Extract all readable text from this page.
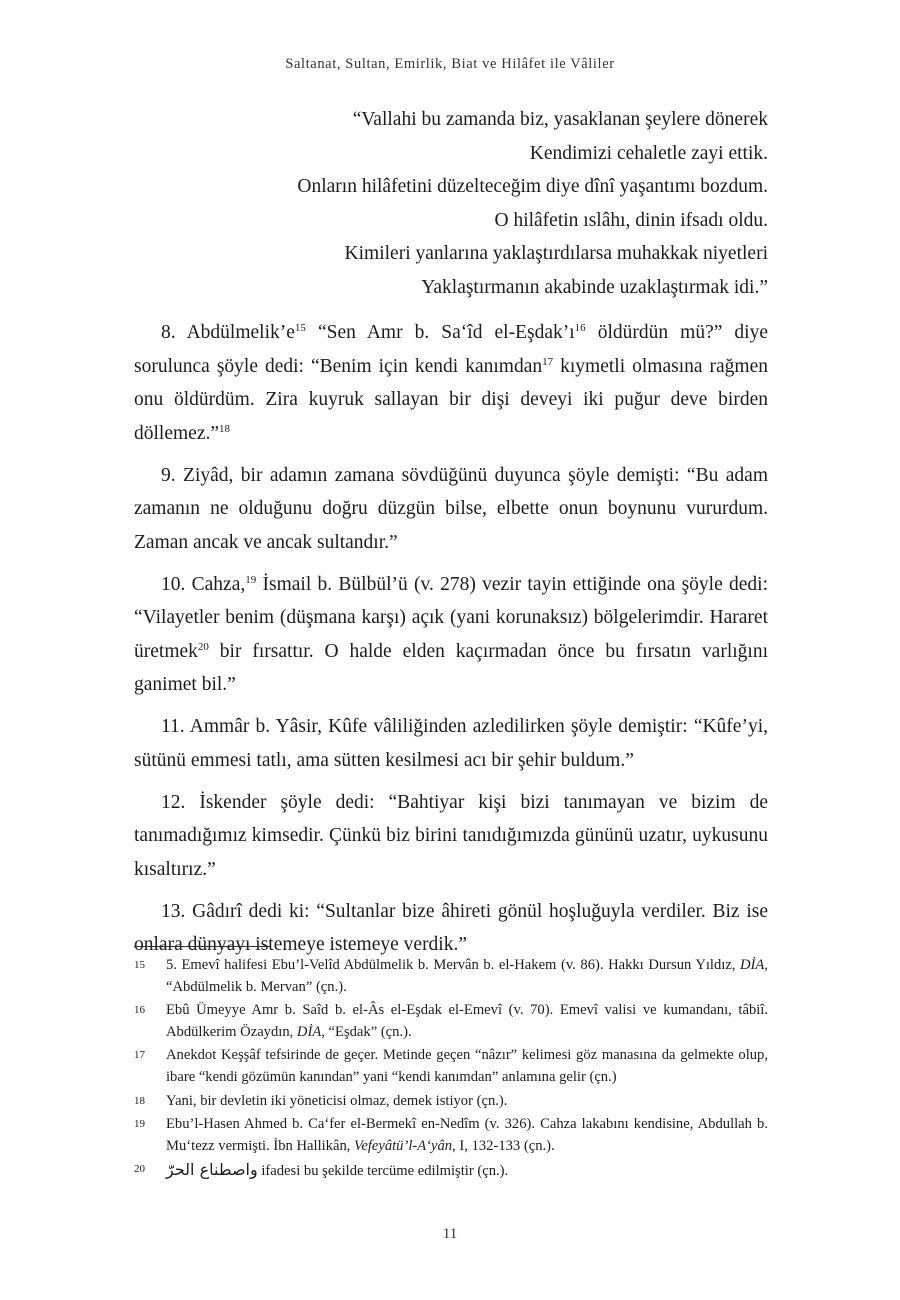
Saltanat, Sultan, Emirlik, Biat ve Hilâfet ile Vâliler
“Vallahi bu zamanda biz, yasaklanan şeylere dönerek
Kendimizi cehaletle zayi ettik.
Onların hilâfetini düzelteceğim diye dînî yaşantımı bozdum.
O hilâfetin ıslâhı, dinin ifsadı oldu.
Kimileri yanlarına yaklaştırdılarsa muhakkak niyetleri
Yaklaştırmanın akabinde uzaklaştırmak idi.”

8. $Abdülmelik’e^{15}$ “Sen Amr b. Sa‘îd $el-Eşdak’ı^{16}$ öldürdün mü?” diye sorulunca şöyle dedi: “Benim için kendi kanımdan$^{17}$ kıymetli olmasına rağmen onu öldürdüm. Zira kuyruk sallayan bir dişi deveyi iki puğur deve birden döllemez.”$^{18}$

9. Ziyâd, bir adamın zamana sövdüğünü duyunca şöyle demişti: “Bu adam zamanın ne olduğunu doğru düzgün bilse, elbette onun boynunu vururdum. Zaman ancak ve ancak sultandır.”

10. Cahza,$^{19}$ İsmail b. Bülbül’ü (v. 278) vezir tayin ettiğinde ona şöyle dedi: “Vilayetler benim (düşmana karşı) açık (yani korunaksız) bölgelerimdir. Hararet üretmek$^{20}$ bir fırsattır. O halde elden kaçırmadan önce bu fırsatın varlığını ganimet bil.”

11. Ammâr b. Yâsir, Kûfe vâliliğinden azledilirken şöyle demiştir: “Kûfe’yi, sütünü emmesi tatlı, ama sütten kesilmesi acı bir şehir buldum.”

12. İskender şöyle dedi: “Bahtiyar kişi bizi tanımayan ve bizim de tanımadığımız kimsedir. Çünkü biz birini tanıdığımızda gününü uzatır, uykusunu kısaltırız.”

13. Gâdırî dedi ki: “Sultanlar bize âhireti gönül hoşluğuyla verdiler. Biz ise onlara dünyayı istemeye istemeye verdik.”

15	5. Emevî halifesi Ebu’l-Velîd Abdülmelik b. Mervân b. el-Hakem (v. 86). Hakkı Dursun Yıldız, DİA, “Abdülmelik b. Mervan” (çn.).
16	Ebû Ümeyye Amr b. Saîd b. el-Âs el-Eşdak el-Emevî (v. 70). Emevî valisi ve kumandanı, tâbiî. Abdülkerim Özaydın, DİA, “Eşdak” (çn.).
17	Anekdot Keşşâf tefsirinde de geçer. Metinde geçen “nâzır” kelimesi göz manasına da gelmekte olup, ibare “kendi gözümün kanından” yani “kendi kanımdan” anlamına gelir (çn.)
18	Yani, bir devletin iki yöneticisi olmaz, demek istiyor (çn.).
19	Ebu’l-Hasen Ahmed b. Ca‘fer el-Bermekî en-Nedîm (v. 326). Cahza lakabını kendisine, Abdullah b. Mu‘tezz vermişti. İbn Hallikân, Vefeyâtü’l-A‘yân, I, 132-133 (çn.).
20	واصطناع الحرّ ifadesi bu şekilde tercüme edilmiştir (çn.).
11
